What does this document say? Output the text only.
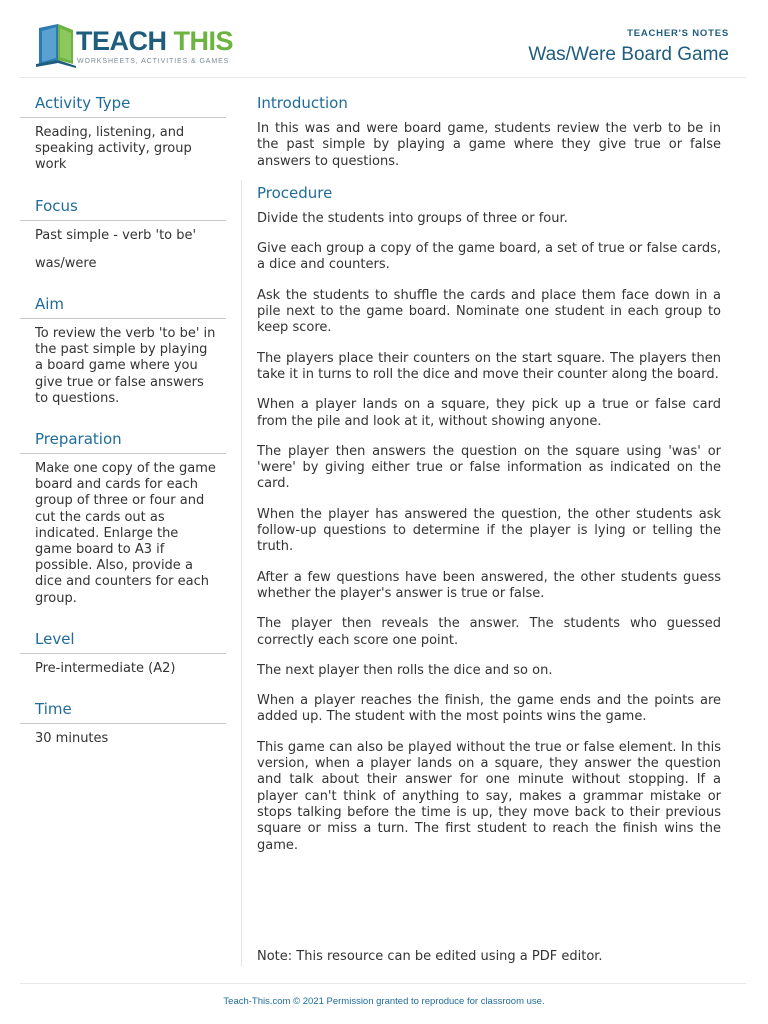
TEACH THIS
WORKSHEETS, ACTIVITIES & GAMES
TEACHER'S NOTES
Was/Were Board Game
Activity Type

Reading, listening, and speaking activity, group work

Focus

Past simple - verb 'to be'

was/were

Aim

To review the verb 'to be' in the past simple by playing a board game where you give true or false answers to questions.

Preparation

Make one copy of the game board and cards for each group of three or four and cut the cards out as indicated. Enlarge the game board to A3 if possible. Also, provide a dice and counters for each group.

Level

Pre-intermediate (A2)

Time

30 minutes

Introduction

In this was and were board game, students review the verb to be in the past simple by playing a game where they give true or false answers to questions.

Procedure

Divide the students into groups of three or four.

Give each group a copy of the game board, a set of true or false cards, a dice and counters.

Ask the students to shuffle the cards and place them face down in a pile next to the game board. Nominate one student in each group to keep score.

The players place their counters on the start square. The players then take it in turns to roll the dice and move their counter along the board.

When a player lands on a square, they pick up a true or false card from the pile and look at it, without showing anyone.

The player then answers the question on the square using 'was' or 'were' by giving either true or false information as indicated on the card.

When the player has answered the question, the other students ask follow-up questions to determine if the player is lying or telling the truth.

After a few questions have been answered, the other students guess whether the player's answer is true or false.

The player then reveals the answer. The students who guessed correctly each score one point.

The next player then rolls the dice and so on.

When a player reaches the finish, the game ends and the points are added up. The student with the most points wins the game.

This game can also be played without the true or false element. In this version, when a player lands on a square, they answer the question and talk about their answer for one minute without stopping. If a player can't think of anything to say, makes a grammar mistake or stops talking before the time is up, they move back to their previous square or miss a turn. The first student to reach the finish wins the game.

Note: This resource can be edited using a PDF editor.
Teach-This.com © 2021 Permission granted to reproduce for classroom use.
